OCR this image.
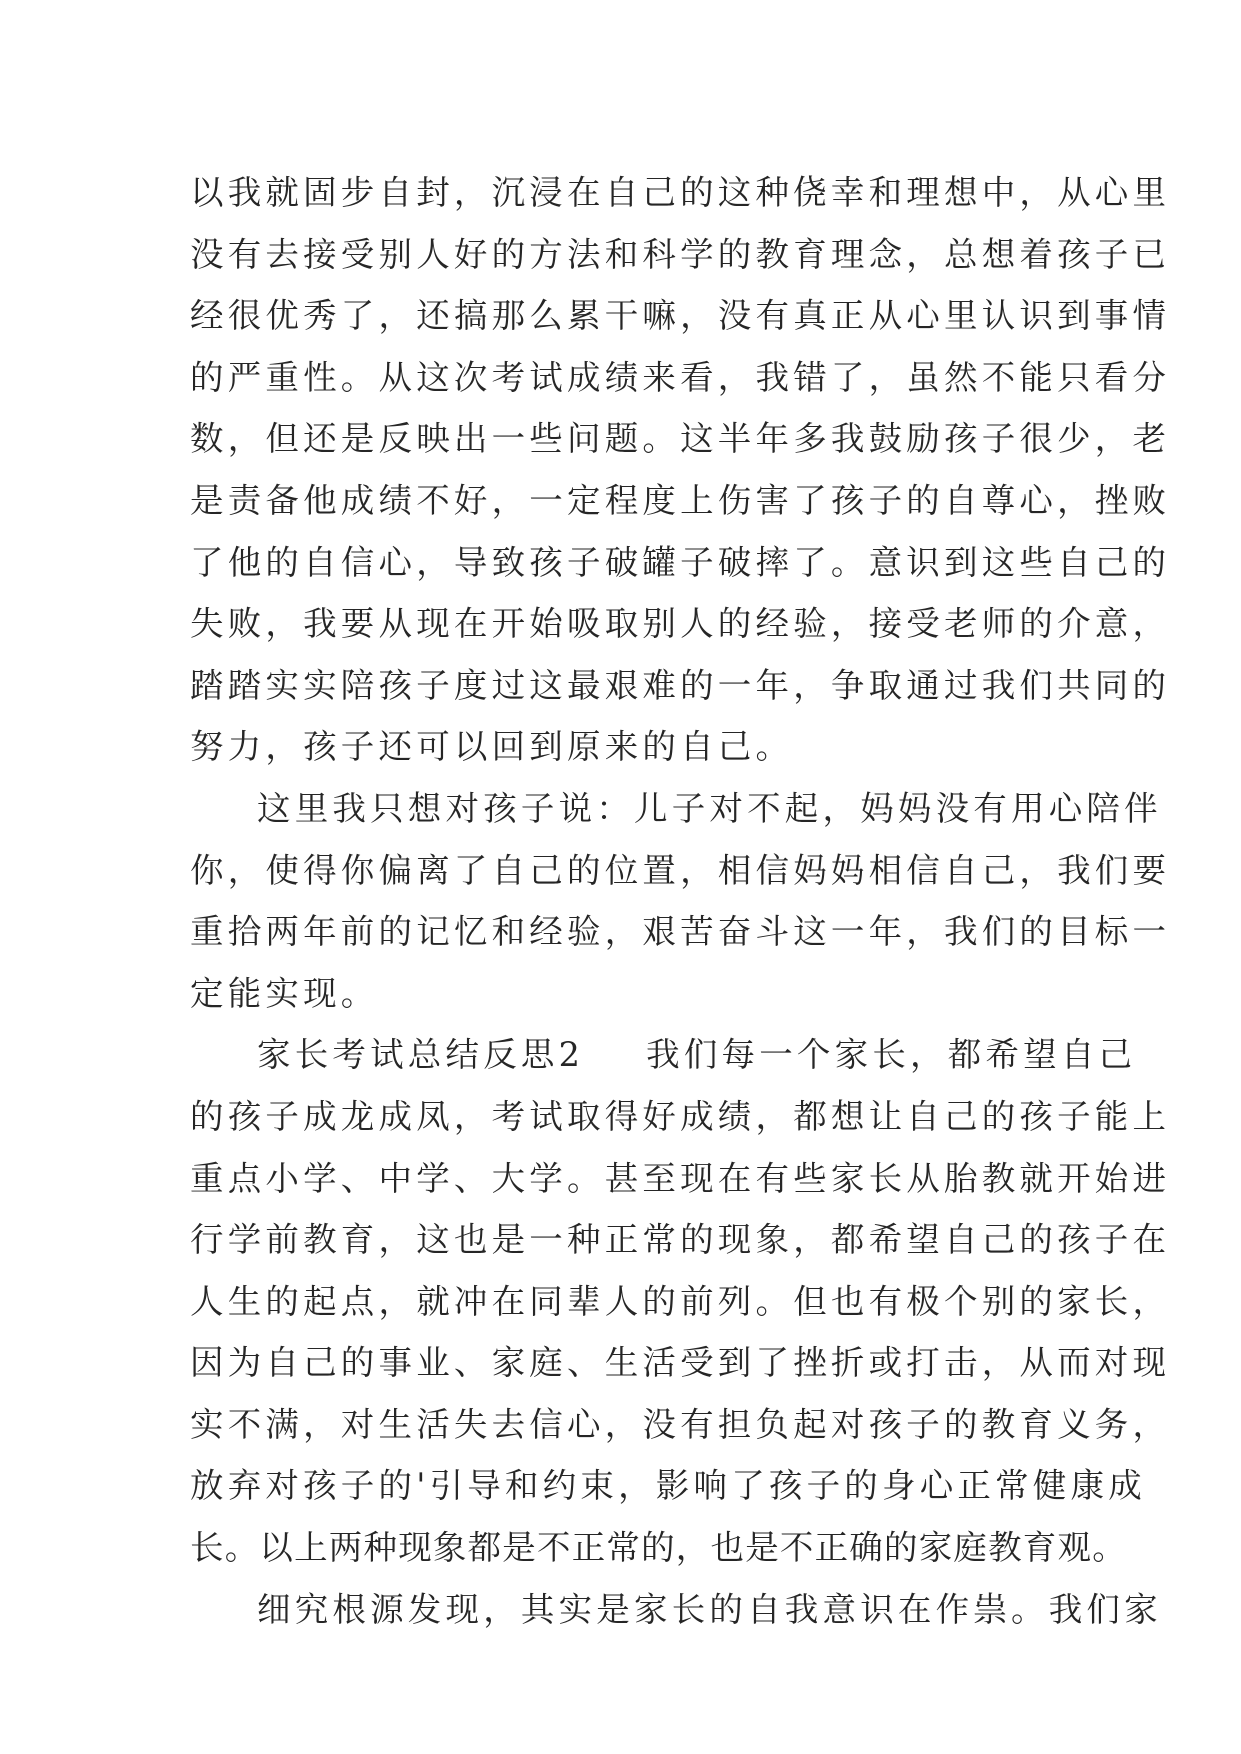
以我就固步自封，沉浸在自己的这种侥幸和理想中，从心里
没有去接受别人好的方法和科学的教育理念，总想着孩子已
经很优秀了，还搞那么累干嘛，没有真正从心里认识到事情
的严重性。从这次考试成绩来看，我错了，虽然不能只看分
数，但还是反映出一些问题。这半年多我鼓励孩子很少，老
是责备他成绩不好，一定程度上伤害了孩子的自尊心，挫败
了他的自信心，导致孩子破罐子破摔了。意识到这些自己的
失败，我要从现在开始吸取别人的经验，接受老师的介意，
踏踏实实陪孩子度过这最艰难的一年，争取通过我们共同的
努力，孩子还可以回到原来的自己。
这里我只想对孩子说：儿子对不起，妈妈没有用心陪伴
你，使得你偏离了自己的位置，相信妈妈相信自己，我们要
重拾两年前的记忆和经验，艰苦奋斗这一年，我们的目标一
定能实现。
家长考试总结反思2 我们每一个家长，都希望自己
的孩子成龙成凤，考试取得好成绩，都想让自己的孩子能上
重点小学、中学、大学。甚至现在有些家长从胎教就开始进
行学前教育，这也是一种正常的现象，都希望自己的孩子在
人生的起点，就冲在同辈人的前列。但也有极个别的家长，
因为自己的事业、家庭、生活受到了挫折或打击，从而对现
实不满，对生活失去信心，没有担负起对孩子的教育义务，
放弃对孩子的'引导和约束，影响了孩子的身心正常健康成
长。以上两种现象都是不正常的，也是不正确的家庭教育观。
细究根源发现，其实是家长的自我意识在作祟。我们家
